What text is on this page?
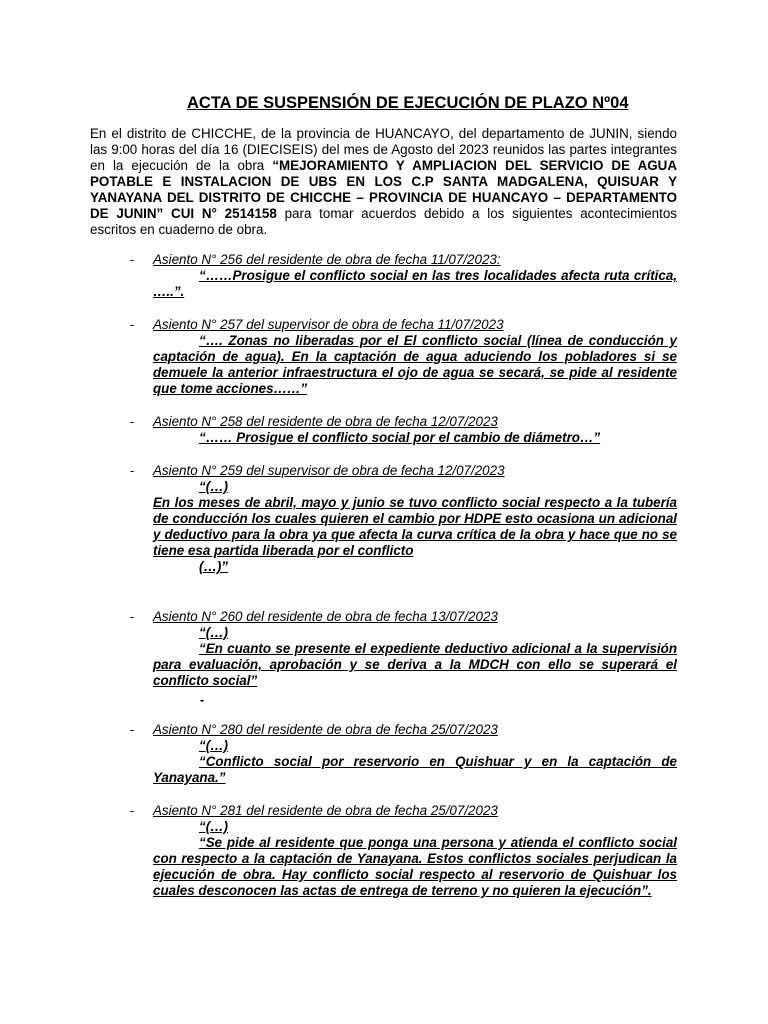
ACTA DE SUSPENSIÓN DE EJECUCIÓN DE PLAZO Nº04
En el distrito de CHICCHE, de la provincia de HUANCAYO, del departamento de JUNIN, siendo las 9:00 horas del día 16 (DIECISEIS) del mes de Agosto del 2023 reunidos las partes integrantes en la ejecución de la obra “MEJORAMIENTO Y AMPLIACION DEL SERVICIO DE AGUA POTABLE E INSTALACION DE UBS EN LOS C.P SANTA MADGALENA, QUISUAR Y YANAYANA DEL DISTRITO DE CHICCHE – PROVINCIA DE HUANCAYO – DEPARTAMENTO DE JUNIN” CUI N° 2514158 para tomar acuerdos debido a los siguientes acontecimientos escritos en cuaderno de obra.
- Asiento N° 256 del residente de obra de fecha 11/07/2023:

“……Prosigue el conflicto social en las tres localidades afecta ruta crítica, …..”.

- Asiento N° 257 del supervisor de obra de fecha 11/07/2023

“…. Zonas no liberadas por el El conflicto social (línea de conducción y captación de agua). En la captación de agua aduciendo los pobladores si se demuele la anterior infraestructura el ojo de agua se secará, se pide al residente que tome acciones……”

- Asiento N° 258 del residente de obra de fecha 12/07/2023

“…… Prosigue el conflicto social por el cambio de diámetro…”

- Asiento N° 259 del supervisor de obra de fecha 12/07/2023

“(…)

En los meses de abril, mayo y junio se tuvo conflicto social respecto a la tubería de conducción los cuales quieren el cambio por HDPE esto ocasiona un adicional y deductivo para la obra ya que afecta la curva crítica de la obra y hace que no se tiene esa partida liberada por el conflicto

(…)”

- Asiento N° 260 del residente de obra de fecha 13/07/2023

“(…)

“En cuanto se presente el expediente deductivo adicional a la supervisión para evaluación, aprobación y se deriva a la MDCH con ello se superará el conflicto social”

-
- Asiento N° 280 del residente de obra de fecha 25/07/2023

“(…)

“Conflicto social por reservorio en Quishuar y en la captación de Yanayana.”

- Asiento N° 281 del residente de obra de fecha 25/07/2023

“(…)

“Se pide al residente que ponga una persona y atienda el conflicto social con respecto a la captación de Yanayana. Estos conflictos sociales perjudican la ejecución de obra. Hay conflicto social respecto al reservorio de Quishuar los cuales desconocen las actas de entrega de terreno y no quieren la ejecución”.
